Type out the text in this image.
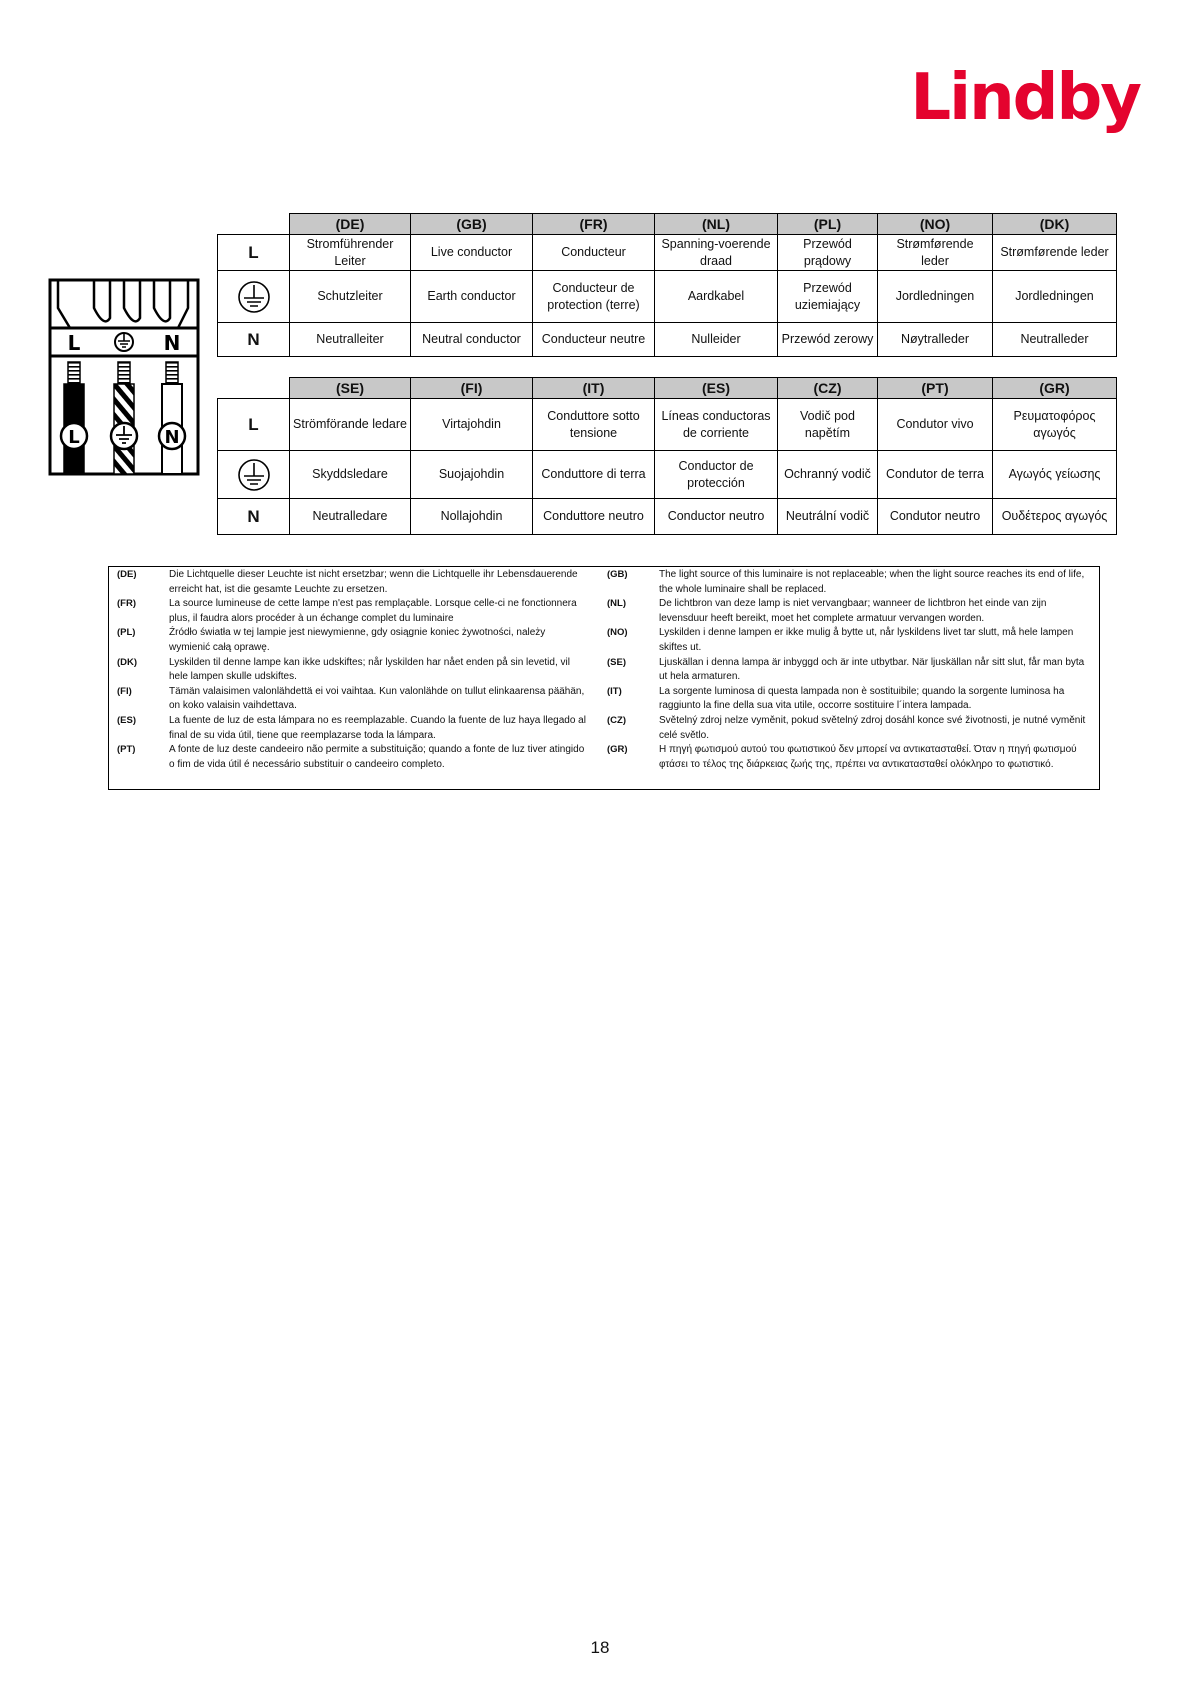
Lindby
L	N
L	N
	(DE)	(GB)	(FR)	(NL)	(PL)	(NO)	(DK)
L	Stromführender Leiter	Live conductor	Conducteur	Spanning-voerende draad	Przewód prądowy	Strømførende leder	Strømførende leder

	Schutzleiter	Earth conductor	Conducteur de protection (terre)	Aardkabel	Przewód uziemiający	Jordledningen	Jordledningen
N	Neutralleiter	Neutral conductor	Conducteur neutre	Nulleider	Przewód zerowy	Nøytralleder	Neutralleder
	(SE)	(FI)	(IT)	(ES)	(CZ)	(PT)	(GR)
L	Strömförande ledare	Virtajohdin	Conduttore sotto tensione	Líneas conductoras de corriente	Vodič pod napětím	Condutor vivo	Ρευματοφόρος αγωγός

	Skyddsledare	Suojajohdin	Conduttore di terra	Conductor de protección	Ochranný vodič	Condutor de terra	Αγωγός γείωσης
N	Neutralledare	Nollajohdin	Conduttore neutro	Conductor neutro	Neutrální vodič	Condutor neutro	Ουδέτερος αγωγός
(DE)	Die Lichtquelle dieser Leuchte ist nicht ersetzbar; wenn die Lichtquelle ihr Lebensdauerende erreicht hat, ist die gesamte Leuchte zu ersetzen.
(FR)	La source lumineuse de cette lampe n'est pas remplaçable. Lorsque celle-ci ne fonctionnera plus, il faudra alors procéder à un échange complet du luminaire
(PL)	Źródło światła w tej lampie jest niewymienne, gdy osiągnie koniec żywotności, należy wymienić całą oprawę.
(DK)	Lyskilden til denne lampe kan ikke udskiftes; når lyskilden har nået enden på sin levetid, vil hele lampen skulle udskiftes.
(FI)	Tämän valaisimen valonlähdettä ei voi vaihtaa. Kun valonlähde on tullut elinkaarensa päähän, on koko valaisin vaihdettava.
(ES)	La fuente de luz de esta lámpara no es reemplazable. Cuando la fuente de luz haya llegado al final de su vida útil, tiene que reemplazarse toda la lámpara.
(PT)	A fonte de luz deste candeeiro não permite a substituição; quando a fonte de luz tiver atingido o fim de vida útil é necessário substituir o candeeiro completo.
(GB)	The light source of this luminaire is not replaceable; when the light source reaches its end of life, the whole luminaire shall be replaced.
(NL)	De lichtbron van deze lamp is niet vervangbaar; wanneer de lichtbron het einde van zijn levensduur heeft bereikt, moet het complete armatuur vervangen worden.
(NO)	Lyskilden i denne lampen er ikke mulig å bytte ut, når lyskildens livet tar slutt, må hele lampen skiftes ut.
(SE)	Ljuskällan i denna lampa är inbyggd och är inte utbytbar. När ljuskällan når sitt slut, får man byta ut hela armaturen.
(IT)	La sorgente luminosa di questa lampada non è sostituibile; quando la sorgente luminosa ha raggiunto la fine della sua vita utile, occorre sostituire l´intera lampada.
(CZ)	Světelný zdroj nelze vyměnit, pokud světelný zdroj dosáhl konce své životnosti, je nutné vyměnit celé světlo.
(GR)	Η πηγή φωτισμού αυτού του φωτιστικού δεν μπορεί να αντικατασταθεί. Όταν η πηγή φωτισμού φτάσει το τέλος της διάρκειας ζωής της, πρέπει να αντικατασταθεί ολόκληρο το φωτιστικό.
18
